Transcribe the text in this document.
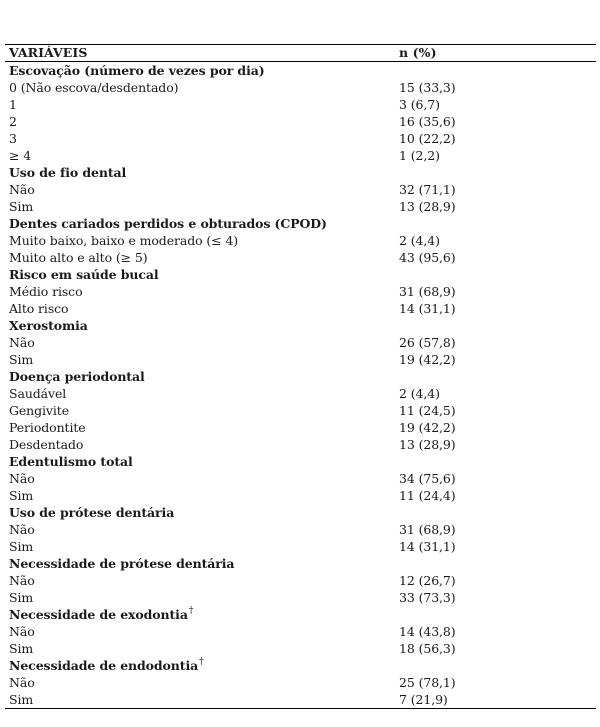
VARIÁVEIS	n (%)
Escovação (número de vezes por dia)	
0 (Não escova/desdentado)	15 (33,3)
1	3 (6,7)
2	16 (35,6)
3	10 (22,2)
≥ 4	1 (2,2)
Uso de fio dental	
Não	32 (71,1)
Sim	13 (28,9)
Dentes cariados perdidos e obturados (CPOD)	
Muito baixo, baixo e moderado (≤ 4)	2 (4,4)
Muito alto e alto (≥ 5)	43 (95,6)
Risco em saúde bucal	
Médio risco	31 (68,9)
Alto risco	14 (31,1)
Xerostomia	
Não	26 (57,8)
Sim	19 (42,2)
Doença periodontal	
Saudável	2 (4,4)
Gengivite	11 (24,5)
Periodontite	19 (42,2)
Desdentado	13 (28,9)
Edentulismo total	
Não	34 (75,6)
Sim	11 (24,4)
Uso de prótese dentária	
Não	31 (68,9)
Sim	14 (31,1)
Necessidade de prótese dentária	
Não	12 (26,7)
Sim	33 (73,3)
Necessidade de exodontia†	
Não	14 (43,8)
Sim	18 (56,3)
Necessidade de endodontia†	
Não	25 (78,1)
Sim	7 (21,9)
